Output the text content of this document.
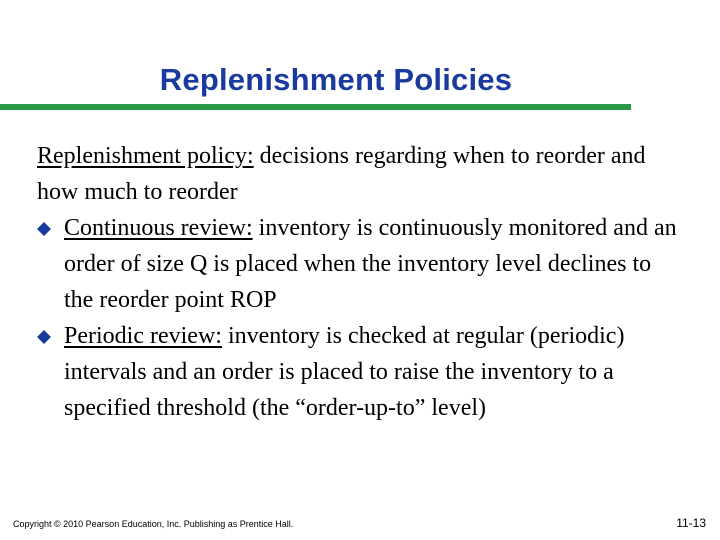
Replenishment Policies

Replenishment policy: decisions regarding when to reorder and how much to reorder

Continuous review: inventory is continuously monitored and an order of size Q is placed when the inventory level declines to the reorder point ROP

Periodic review: inventory is checked at regular (periodic) intervals and an order is placed to raise the inventory to a specified threshold (the “order-up-to” level)

Copyright © 2010 Pearson Education, Inc. Publishing as Prentice Hall.	11-13
